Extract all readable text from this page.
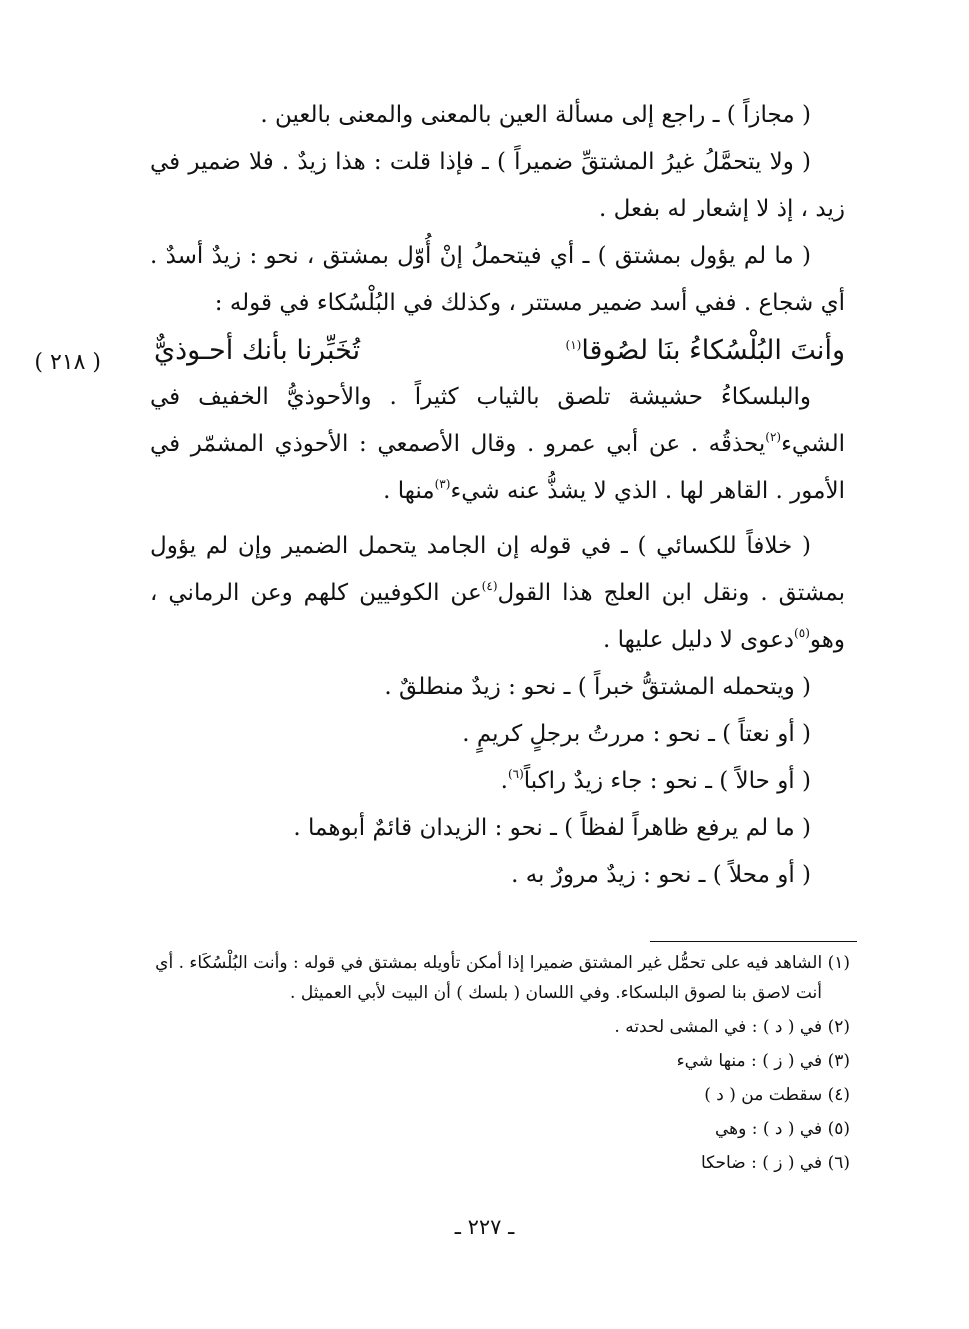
( مجازاً ) ـ راجع إلى مسألة العين بالمعنى والمعنى بالعين .

( ولا يتحمَّلُ غيرُ المشتقِّ ضميراً ) ـ فإذا قلت : هذا زيدٌ . فلا ضمير في زيد ، إذ لا إشعار له بفعل .

( ما لم يؤول بمشتق ) ـ أي فيتحملُ إنْ أُوّل بمشتق ، نحو : زيدٌ أسدٌ . أي شجاع . ففي أسد ضمير مستتر ، وكذلك في البُلْسُكاء في قوله :

وأنتَ البُلْسُكاءُ بنَا لصُوقا$^{(١)}$
تُخَبِّرنا بأنك أحـوذيٌّ

والبلسكاءُ حشيشة تلصق بالثياب كثيراً . والأحوذيُّ الخفيف في الشيء$^{(٢)}$يحذقُه . عن أبي عمرو . وقال الأصمعي : الأحوذي المشمّر في الأمور . القاهر لها . الذي لا يشذُّ عنه شيء$^{(٣)}$منها .

( خلافاً للكسائي ) ـ في قوله إن الجامد يتحمل الضمير وإن لم يؤول بمشتق . ونقل ابن العلج هذا القول$^{(٤)}$عن الكوفيين كلهم وعن الرماني ، وهو$^{(٥)}$دعوى لا دليل عليها .

( ويتحمله المشتقُّ خبراً ) ـ نحو : زيدٌ منطلقٌ .

( أو نعتاً ) ـ نحو : مررتُ برجلٍ كريمٍ .

( أو حالاً ) ـ نحو : جاء زيدٌ راكباً$^{(٦)}$.

( ما لم يرفع ظاهراً لفظاً ) ـ نحو : الزيدان قائمٌ أبوهما .

( أو محلاً ) ـ نحو : زيدٌ مرورٌ به .

( ٢١٨ )

(١) الشاهد فيه على تحمُّل غير المشتق ضميرا إذا أمكن تأويله بمشتق في قوله : وأنت البُلْسُكَاء . أي

أنت لاصق بنا لصوق البلسكاء. وفي اللسان ( بلسك ) أن البيت لأبي العميثل .

(٢) في ( د ) : في المشى لحدته .

(٣) في ( ز ) : منها شيء

(٤) سقطت من ( د )

(٥) في ( د ) : وهي

(٦) في ( ز ) : ضاحكا

ـ ٢٢٧ ـ
